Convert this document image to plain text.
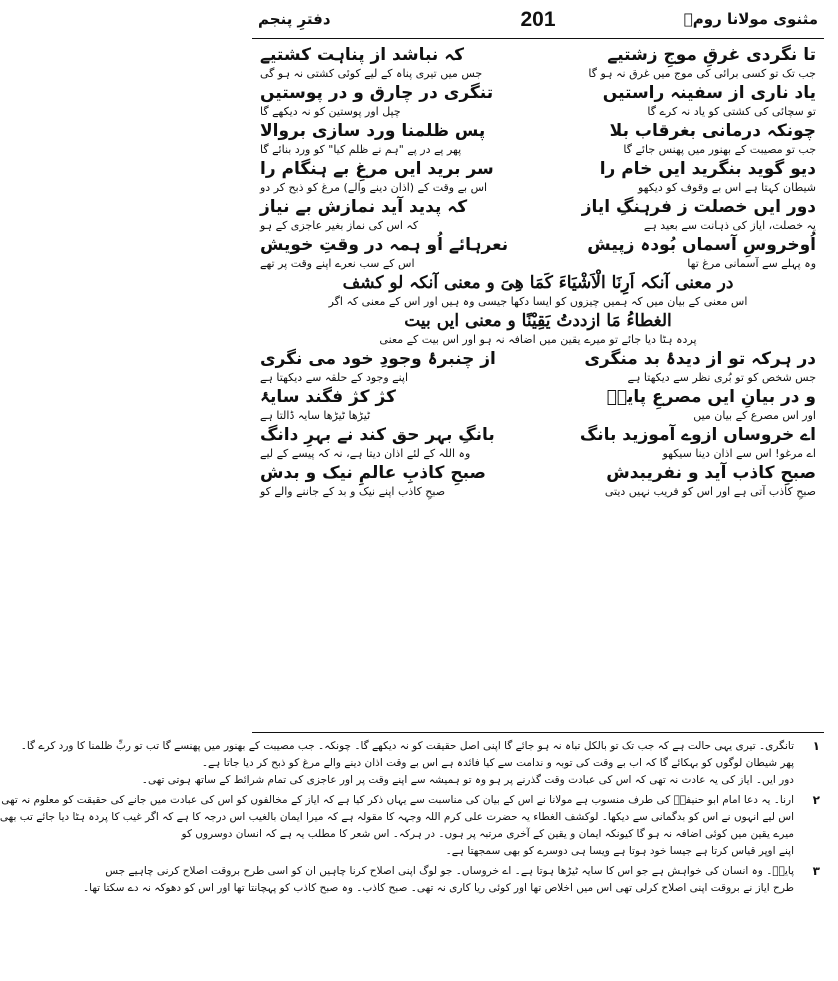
مثنوی مولانا رومؒ
201
دفترِ پنجم
تا نگردی غرقِ موجِ زشتیے
کہ نباشد از پناہت کشتیے
جب تک تو کسی برائی کی موج میں غرق نہ ہو گا
جس میں تیری پناہ کے لیے کوئی کشتی نہ ہو گی
یاد ناری از سفینہ راستیں
تنگری در چارق و در پوستیں
تو سچائی کی کشتی کو یاد نہ کرے گا
چپل اور پوستین کو نہ دیکھے گا
چونکہ درمانی بغرقاب بلا
پس ظلمنا ورد سازی بروالا
جب تو مصیبت کے بھنور میں پھنس جائے گا
پھر پے در پے "ہم نے ظلم کیا" کو ورد بنائے گا
دیو گوید بنگرید ایں خام را
سر برید ایں مرغِ بے ہنگام را
شیطان کہتا ہے اس بے وقوف کو دیکھو
اس بے وقت کے (اذان دینے والے) مرغ کو ذبح کر دو
دور ایں خصلت ز فرہنگِ ایاز
کہ پدید آید نمازش بے نیاز
یہ خصلت، ایاز کی ذہانت سے بعید ہے
کہ اس کی نماز بغیر عاجزی کے ہو
اُوخروسِ آسماں بُودہ زپیش
نعرہائے اُو ہمہ در وقتِ خویش
وہ پہلے سے آسمانی مرغ تھا
اس کے سب نعرے اپنے وقت پر تھے
در معنی آنکہ اَرِنَا الْاَشْیَاءَ کَمَا ھِیَ و معنی آنکہ لو کشف
اس معنی کے بیان میں کہ ہمیں چیزوں کو ایسا دکھا جیسی وہ ہیں اور اس کے معنی کہ اگر
الغطاءُ مَا ازددتُ یَقِیْنًا و معنی ایں بیت
پردہ ہٹا دیا جائے تو میرے یقین میں اضافہ نہ ہو اور اس بیت کے معنی
در ہرکہ تو از دیدۂ بد منگری
از چنبرۂ وجودِ خود می نگری
جس شخص کو تو بُری نظر سے دیکھتا ہے
اپنے وجود کے حلقہ سے دیکھتا ہے
و در بیانِ ایں مصرعِ پایہؑ
کژ کژ فگند سایۂ
اور اس مصرع کے بیان میں
ٹیڑھا ٹیڑھا سایہ ڈالتا ہے
اے خروساں ازوے آموزید بانگ
بانگِ بہر حق کند نے بہرِ دانگ
اے مرغو! اس سے اذان دینا سیکھو
وہ اللہ کے لئے اذان دیتا ہے، نہ کہ پیسے کے لیے
صبحِ کاذب آید و نفریبدش
صبحِ کاذبِ عالمِ نیک و بدش
صبحِ کاذب آتی ہے اور اس کو فریب نہیں دیتی
صبحِ کاذب اپنے نیک و بد کے جاننے والے کو
۱
تانگری۔ تیری یہی حالت ہے کہ جب تک تو بالکل تباہ نہ ہو جائے گا اپنی اصل حقیقت کو نہ دیکھے گا۔ چونکہ۔ جب مصیبت کے بھنور میں پھنسے گا تب تو ربِّ ظلمنا کا ورد کرے گا۔
پھر شیطان لوگوں کو بہکائے گا کہ اب بے وقت کی توبہ و ندامت سے کیا فائدہ ہے اس بے وقت اذان دینے والے مرغ کو ذبح کر دیا جاتا ہے۔
دور ایں۔ ایاز کی یہ عادت نہ تھی کہ اس کی عبادت وقت گذرنے پر ہو وہ تو ہمیشہ سے اپنے وقت پر اور عاجزی کی تمام شرائط کے ساتھ ہوتی تھی۔
۲
ارنا۔ یہ دعا امام ابو حنیفہؒ کی طرف منسوب ہے مولانا نے اس کے بیان کی مناسبت سے یہاں ذکر کیا ہے کہ ایاز کے مخالفوں کو اس کی عبادت میں جانے کی حقیقت کو معلوم نہ تھی
اس لیے انہوں نے اس کو بدگمانی سے دیکھا۔ لوکشف الغطاء یہ حضرت علی کرم اللہ وجہہ کا مقولہ ہے کہ میرا ایمان بالغیب اس درجہ کا ہے کہ اگر غیب کا پردہ ہٹا دیا جائے تب بھی
میرے یقین میں کوئی اضافہ نہ ہو گا کیونکہ ایمان و یقین کے آخری مرتبہ پر ہوں۔ در ہرکہ۔ اس شعر کا مطلب یہ ہے کہ انسان دوسروں کو
اپنے اوپر قیاس کرتا ہے جیسا خود ہوتا ہے ویسا ہی دوسرے کو بھی سمجھتا ہے۔
۳
پایہؑ۔ وہ انسان کی خواہش ہے جو اس کا سایہ ٹیڑھا ہوتا ہے۔ اے خروساں۔ جو لوگ اپنی اصلاح کرنا چاہیں ان کو اسی طرح بروقت اصلاح کرنی چاہیے جس
طرح ایاز نے بروقت اپنی اصلاح کرلی تھی اس میں اخلاص تھا اور کوئی ریا کاری نہ تھی۔ صبح کاذب۔ وہ صبح کاذب کو پہچانتا تھا اور اس کو دھوکہ نہ دے سکتا تھا۔
